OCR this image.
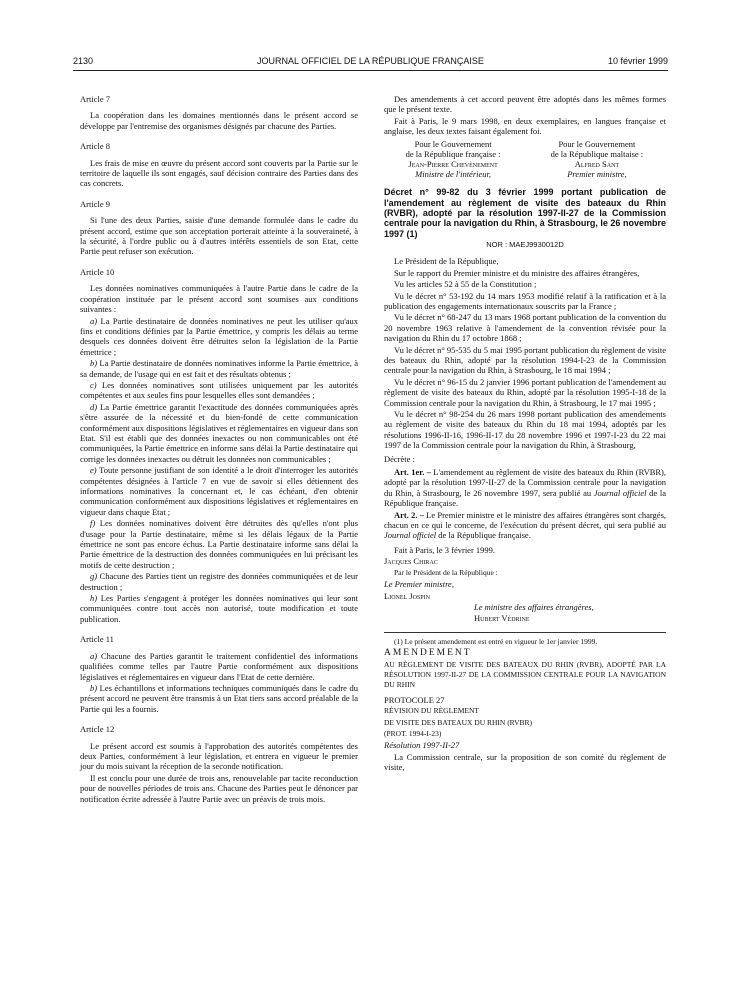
2130	JOURNAL OFFICIEL DE LA RÉPUBLIQUE FRANÇAISE	10 février 1999

Article 7

La coopération dans les domaines mentionnés dans le présent accord se développe par l'entremise des organismes désignés par chacune des Parties.

Article 8

Les frais de mise en œuvre du présent accord sont couverts par la Partie sur le territoire de laquelle ils sont engagés, sauf décision contraire des Parties dans des cas concrets.

Article 9

Si l'une des deux Parties, saisie d'une demande formulée dans le cadre du présent accord, estime que son acceptation porterait atteinte à la souveraineté, à la sécurité, à l'ordre public ou à d'autres intérêts essentiels de son Etat, cette Partie peut refuser son exécution.

Article 10

Les données nominatives communiquées à l'autre Partie dans le cadre de la coopération instituée par le présent accord sont soumises aux conditions suivantes :

a) La Partie destinataire de données nominatives ne peut les utiliser qu'aux fins et conditions définies par la Partie émettrice, y compris les délais au terme desquels ces données doivent être détruites selon la législation de la Partie émettrice ;

b) La Partie destinataire de données nominatives informe la Partie émettrice, à sa demande, de l'usage qui en est fait et des résultats obtenus ;

c) Les données nominatives sont utilisées uniquement par les autorités compétentes et aux seules fins pour lesquelles elles sont demandées ;

d) La Partie émettrice garantit l'exactitude des données communiquées après s'être assurée de la nécessité et du bien-fondé de cette communication conformément aux dispositions législatives et réglementaires en vigueur dans son Etat. S'il est établi que des données inexactes ou non communicables ont été communiquées, la Partie émettrice en informe sans délai la Partie destinataire qui corrige les données inexactes ou détruit les données non communicables ;

e) Toute personne justifiant de son identité a le droit d'interroger les autorités compétentes désignées à l'article 7 en vue de savoir si elles détiennent des informations nominatives la concernant et, le cas échéant, d'en obtenir communication conformément aux dispositions législatives et réglementaires en vigueur dans chaque Etat ;

f) Les données nominatives doivent être détruites dès qu'elles n'ont plus d'usage pour la Partie destinataire, même si les délais légaux de la Partie émettrice ne sont pas encore échus. La Partie destinataire informe sans délai la Partie émettrice de la destruction des données communiquées en lui précisant les motifs de cette destruction ;

g) Chacune des Parties tient un registre des données communiquées et de leur destruction ;

h) Les Parties s'engagent à protéger les données nominatives qui leur sont communiquées contre tout accès non autorisé, toute modification et toute publication.

Article 11

a) Chacune des Parties garantit le traitement confidentiel des informations qualifiées comme telles par l'autre Partie conformément aux dispositions législatives et réglementaires en vigueur dans l'Etat de cette dernière.

b) Les échantillons et informations techniques communiqués dans le cadre du présent accord ne peuvent être transmis à un Etat tiers sans accord préalable de la Partie qui les a fournis.

Article 12

Le présent accord est soumis à l'approbation des autorités compétentes des deux Parties, conformément à leur législation, et entrera en vigueur le premier jour du mois suivant la réception de la seconde notification.

Il est conclu pour une durée de trois ans, renouvelable par tacite reconduction pour de nouvelles périodes de trois ans. Chacune des Parties peut le dénoncer par notification écrite adressée à l'autre Partie avec un préavis de trois mois.

Des amendements à cet accord peuvent être adoptés dans les mêmes formes que le présent texte.

Fait à Paris, le 9 mars 1998, en deux exemplaires, en langues française et anglaise, les deux textes faisant également foi.

Pour le Gouvernement
de la République française :
Jean-Pierre Chevènement
Ministre de l'intérieur,
Pour le Gouvernement
de la République maltaise :
Alfred Sant
Premier ministre,
Décret n° 99-82 du 3 février 1999 portant publication de l'amendement au règlement de visite des bateaux du Rhin (RVBR), adopté par la résolution 1997-II-27 de la Commission centrale pour la navigation du Rhin, à Strasbourg, le 26 novembre 1997 (1)
NOR : MAEJ9930012D

Le Président de la République,

Sur le rapport du Premier ministre et du ministre des affaires étrangères,

Vu les articles 52 à 55 de la Constitution ;

Vu le décret n° 53-192 du 14 mars 1953 modifié relatif à la ratification et à la publication des engagements internationaux souscrits par la France ;

Vu le décret n° 68-247 du 13 mars 1968 portant publication de la convention du 20 novembre 1963 relative à l'amendement de la convention révisée pour la navigation du Rhin du 17 octobre 1868 ;

Vu le décret n° 95-535 du 5 mai 1995 portant publication du règlement de visite des bateaux du Rhin, adopté par la résolution 1994-I-23 de la Commission centrale pour la navigation du Rhin, à Strasbourg, le 18 mai 1994 ;

Vu le décret n° 96-15 du 2 janvier 1996 portant publication de l'amendement au règlement de visite des bateaux du Rhin, adopté par la résolution 1995-I-18 de la Commission centrale pour la navigation du Rhin, à Strasbourg, le 17 mai 1995 ;

Vu le décret n° 98-254 du 26 mars 1998 portant publication des amendements au règlement de visite des bateaux du Rhin du 18 mai 1994, adoptés par les résolutions 1996-II-16, 1996-II-17 du 28 novembre 1996 et 1997-I-23 du 22 mai 1997 de la Commission centrale pour la navigation du Rhin, à Strasbourg,

Décrète :

Art. 1er. – L'amendement au règlement de visite des bateaux du Rhin (RVBR), adopté par la résolution 1997-II-27 de la Commission centrale pour la navigation du Rhin, à Strasbourg, le 26 novembre 1997, sera publié au Journal officiel de la République française.

Art. 2. – Le Premier ministre et le ministre des affaires étrangères sont chargés, chacun en ce qui le concerne, de l'exécution du présent décret, qui sera publié au Journal officiel de la République française.

Fait à Paris, le 3 février 1999.

Jacques Chirac

Par le Président de la République :

Le Premier ministre,

Lionel Jospin

Le ministre des affaires étrangères,

Hubert Védrine

(1) Le présent amendement est entré en vigueur le 1er janvier 1999.

AMENDEMENT

AU RÈGLEMENT DE VISITE DES BATEAUX DU RHIN (RVBR), ADOPTÉ PAR LA RÉSOLUTION 1997-II-27 DE LA COMMISSION CENTRALE POUR LA NAVIGATION DU RHIN

PROTOCOLE 27

RÉVISION DU RÈGLEMENT

DE VISITE DES BATEAUX DU RHIN (RVBR)

(PROT. 1994-I-23)

Résolution 1997-II-27

La Commission centrale, sur la proposition de son comité du règlement de visite,
